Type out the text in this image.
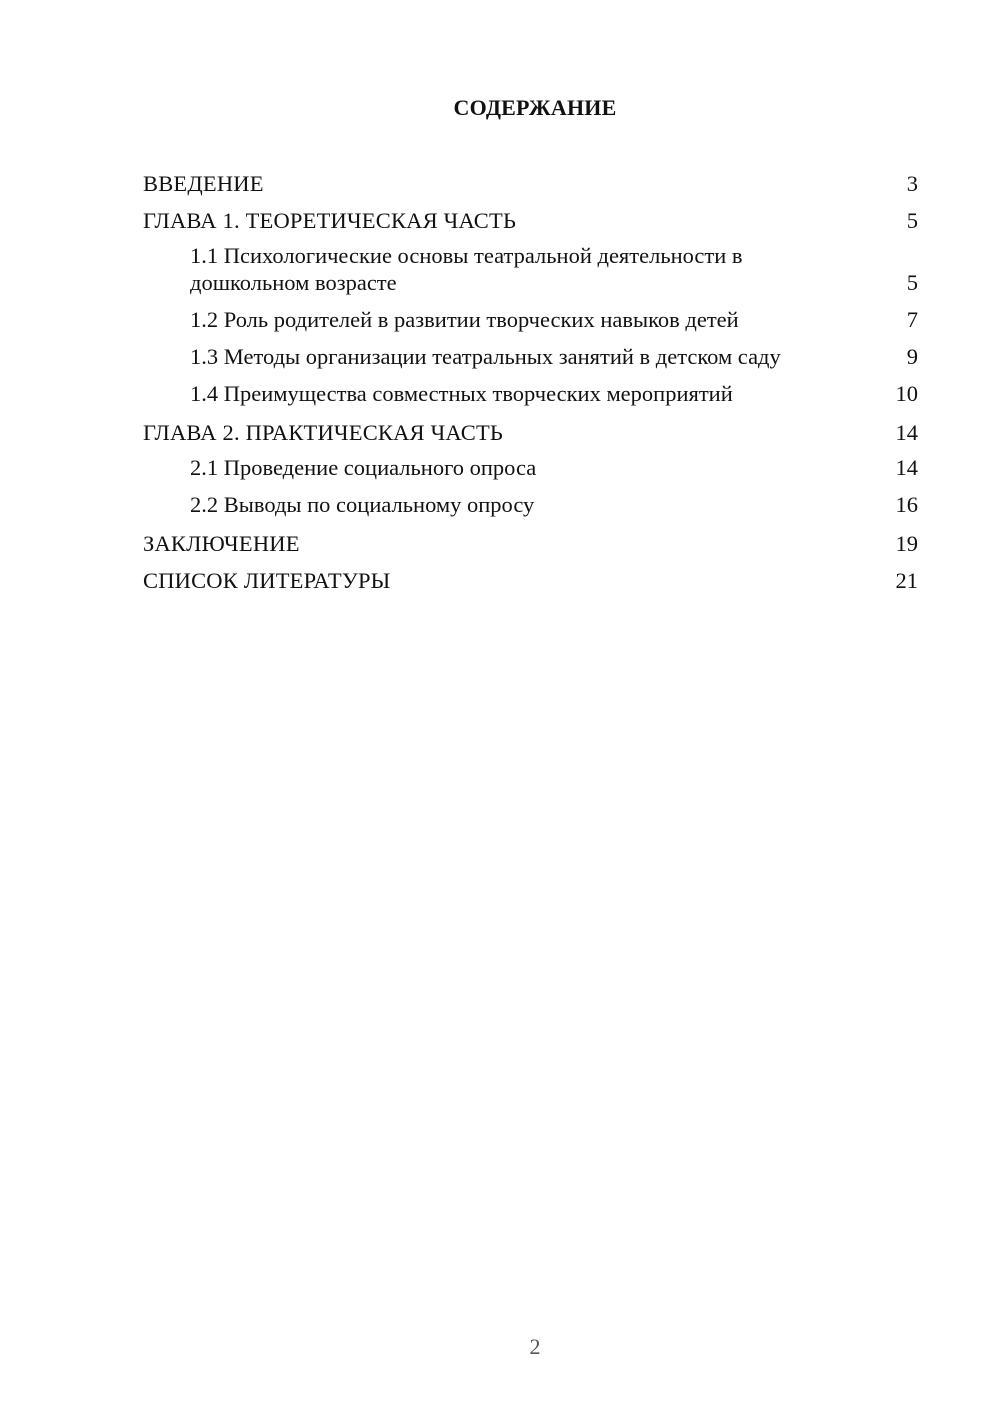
СОДЕРЖАНИЕ
ВВЕДЕНИЕ	3
ГЛАВА 1. ТЕОРЕТИЧЕСКАЯ ЧАСТЬ	5
1.1 Психологические основы театральной деятельности в дошкольном возрасте	5
1.2 Роль родителей в развитии творческих навыков детей	7
1.3 Методы организации театральных занятий в детском саду	9
1.4 Преимущества совместных творческих мероприятий	10
ГЛАВА 2. ПРАКТИЧЕСКАЯ ЧАСТЬ	14
2.1 Проведение социального опроса	14
2.2 Выводы по социальному опросу	16
ЗАКЛЮЧЕНИЕ	19
СПИСОК ЛИТЕРАТУРЫ	21
2
